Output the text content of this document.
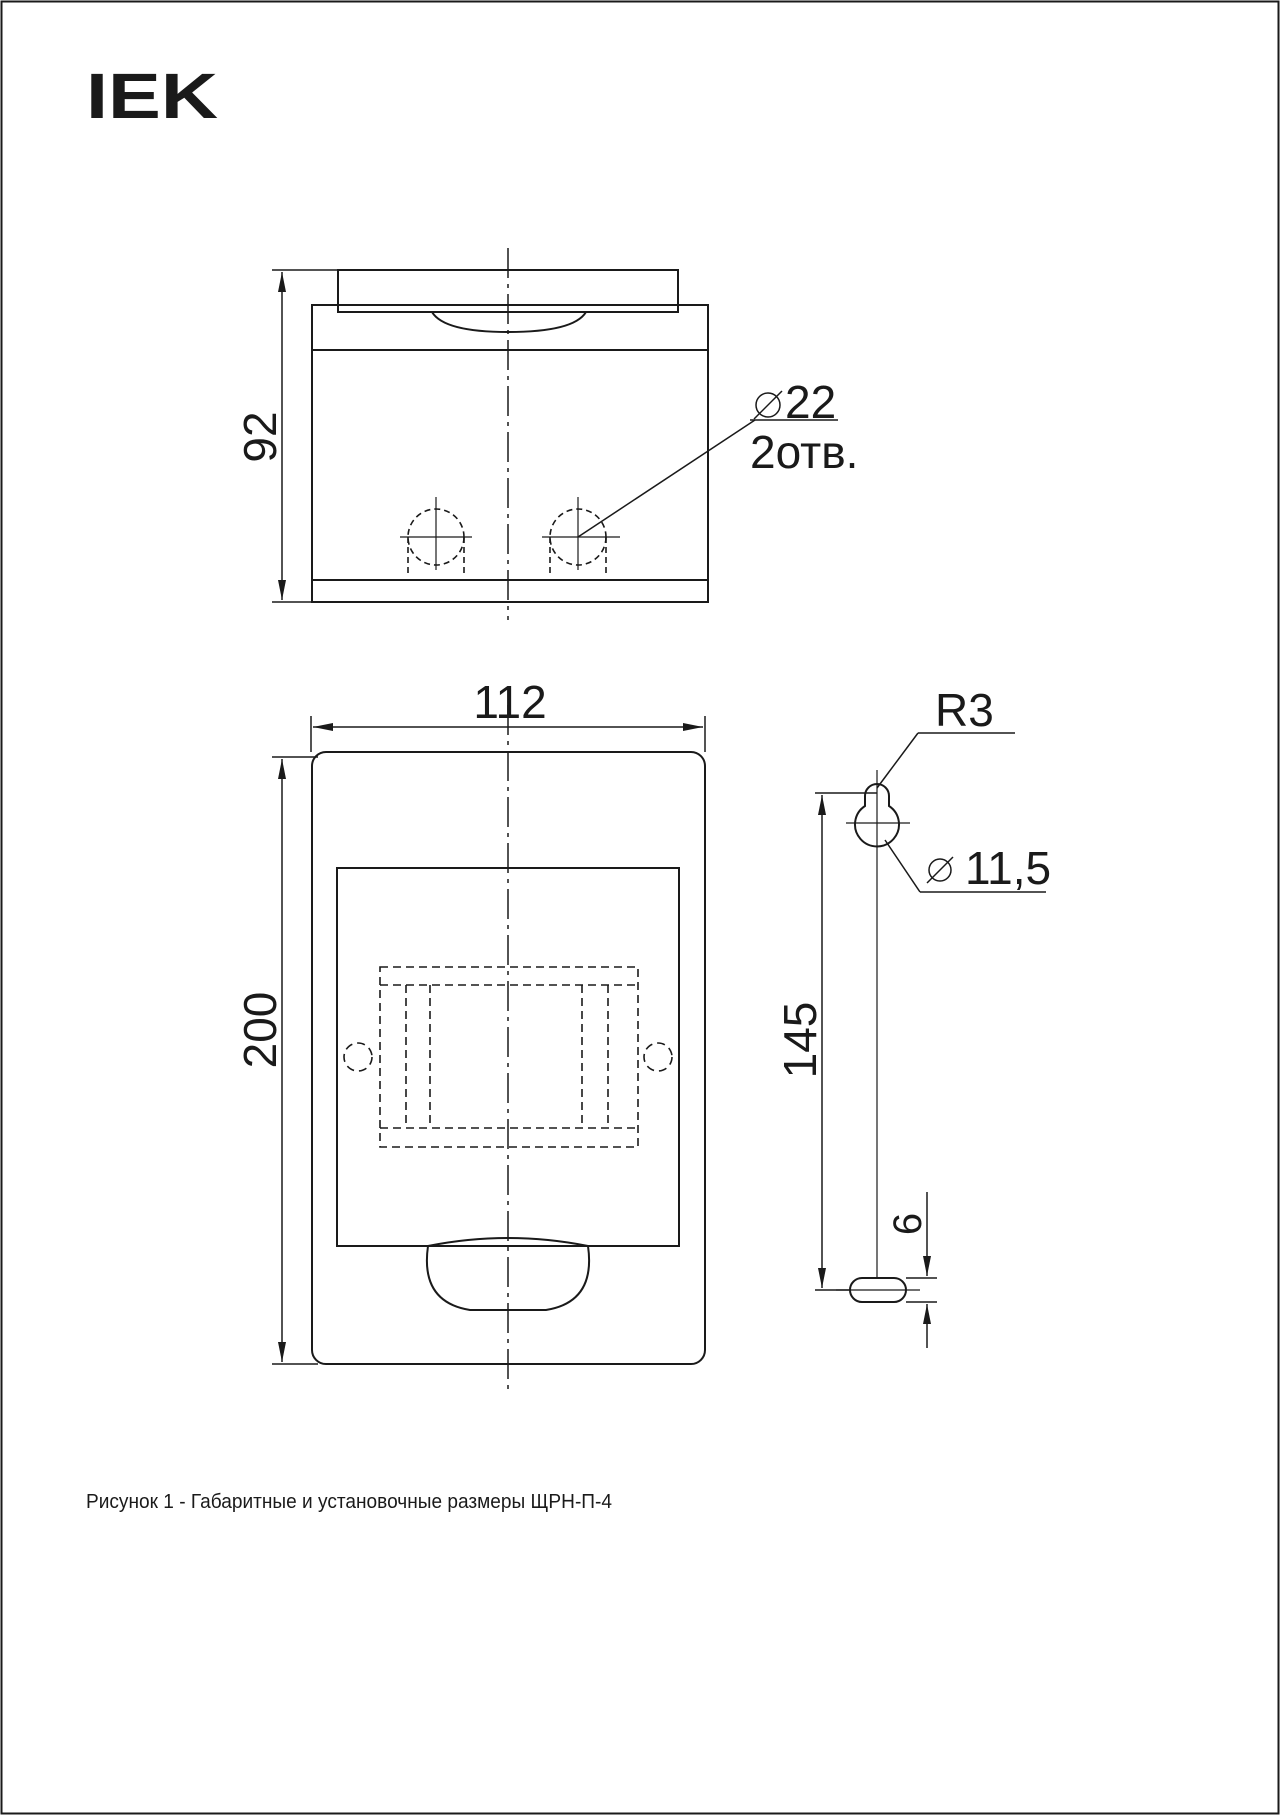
IEK
92
22
2отв.
112
200
R3
11,5
145
6
Рисунок 1 - Габаритные и установочные размеры ЩРН-П-4
